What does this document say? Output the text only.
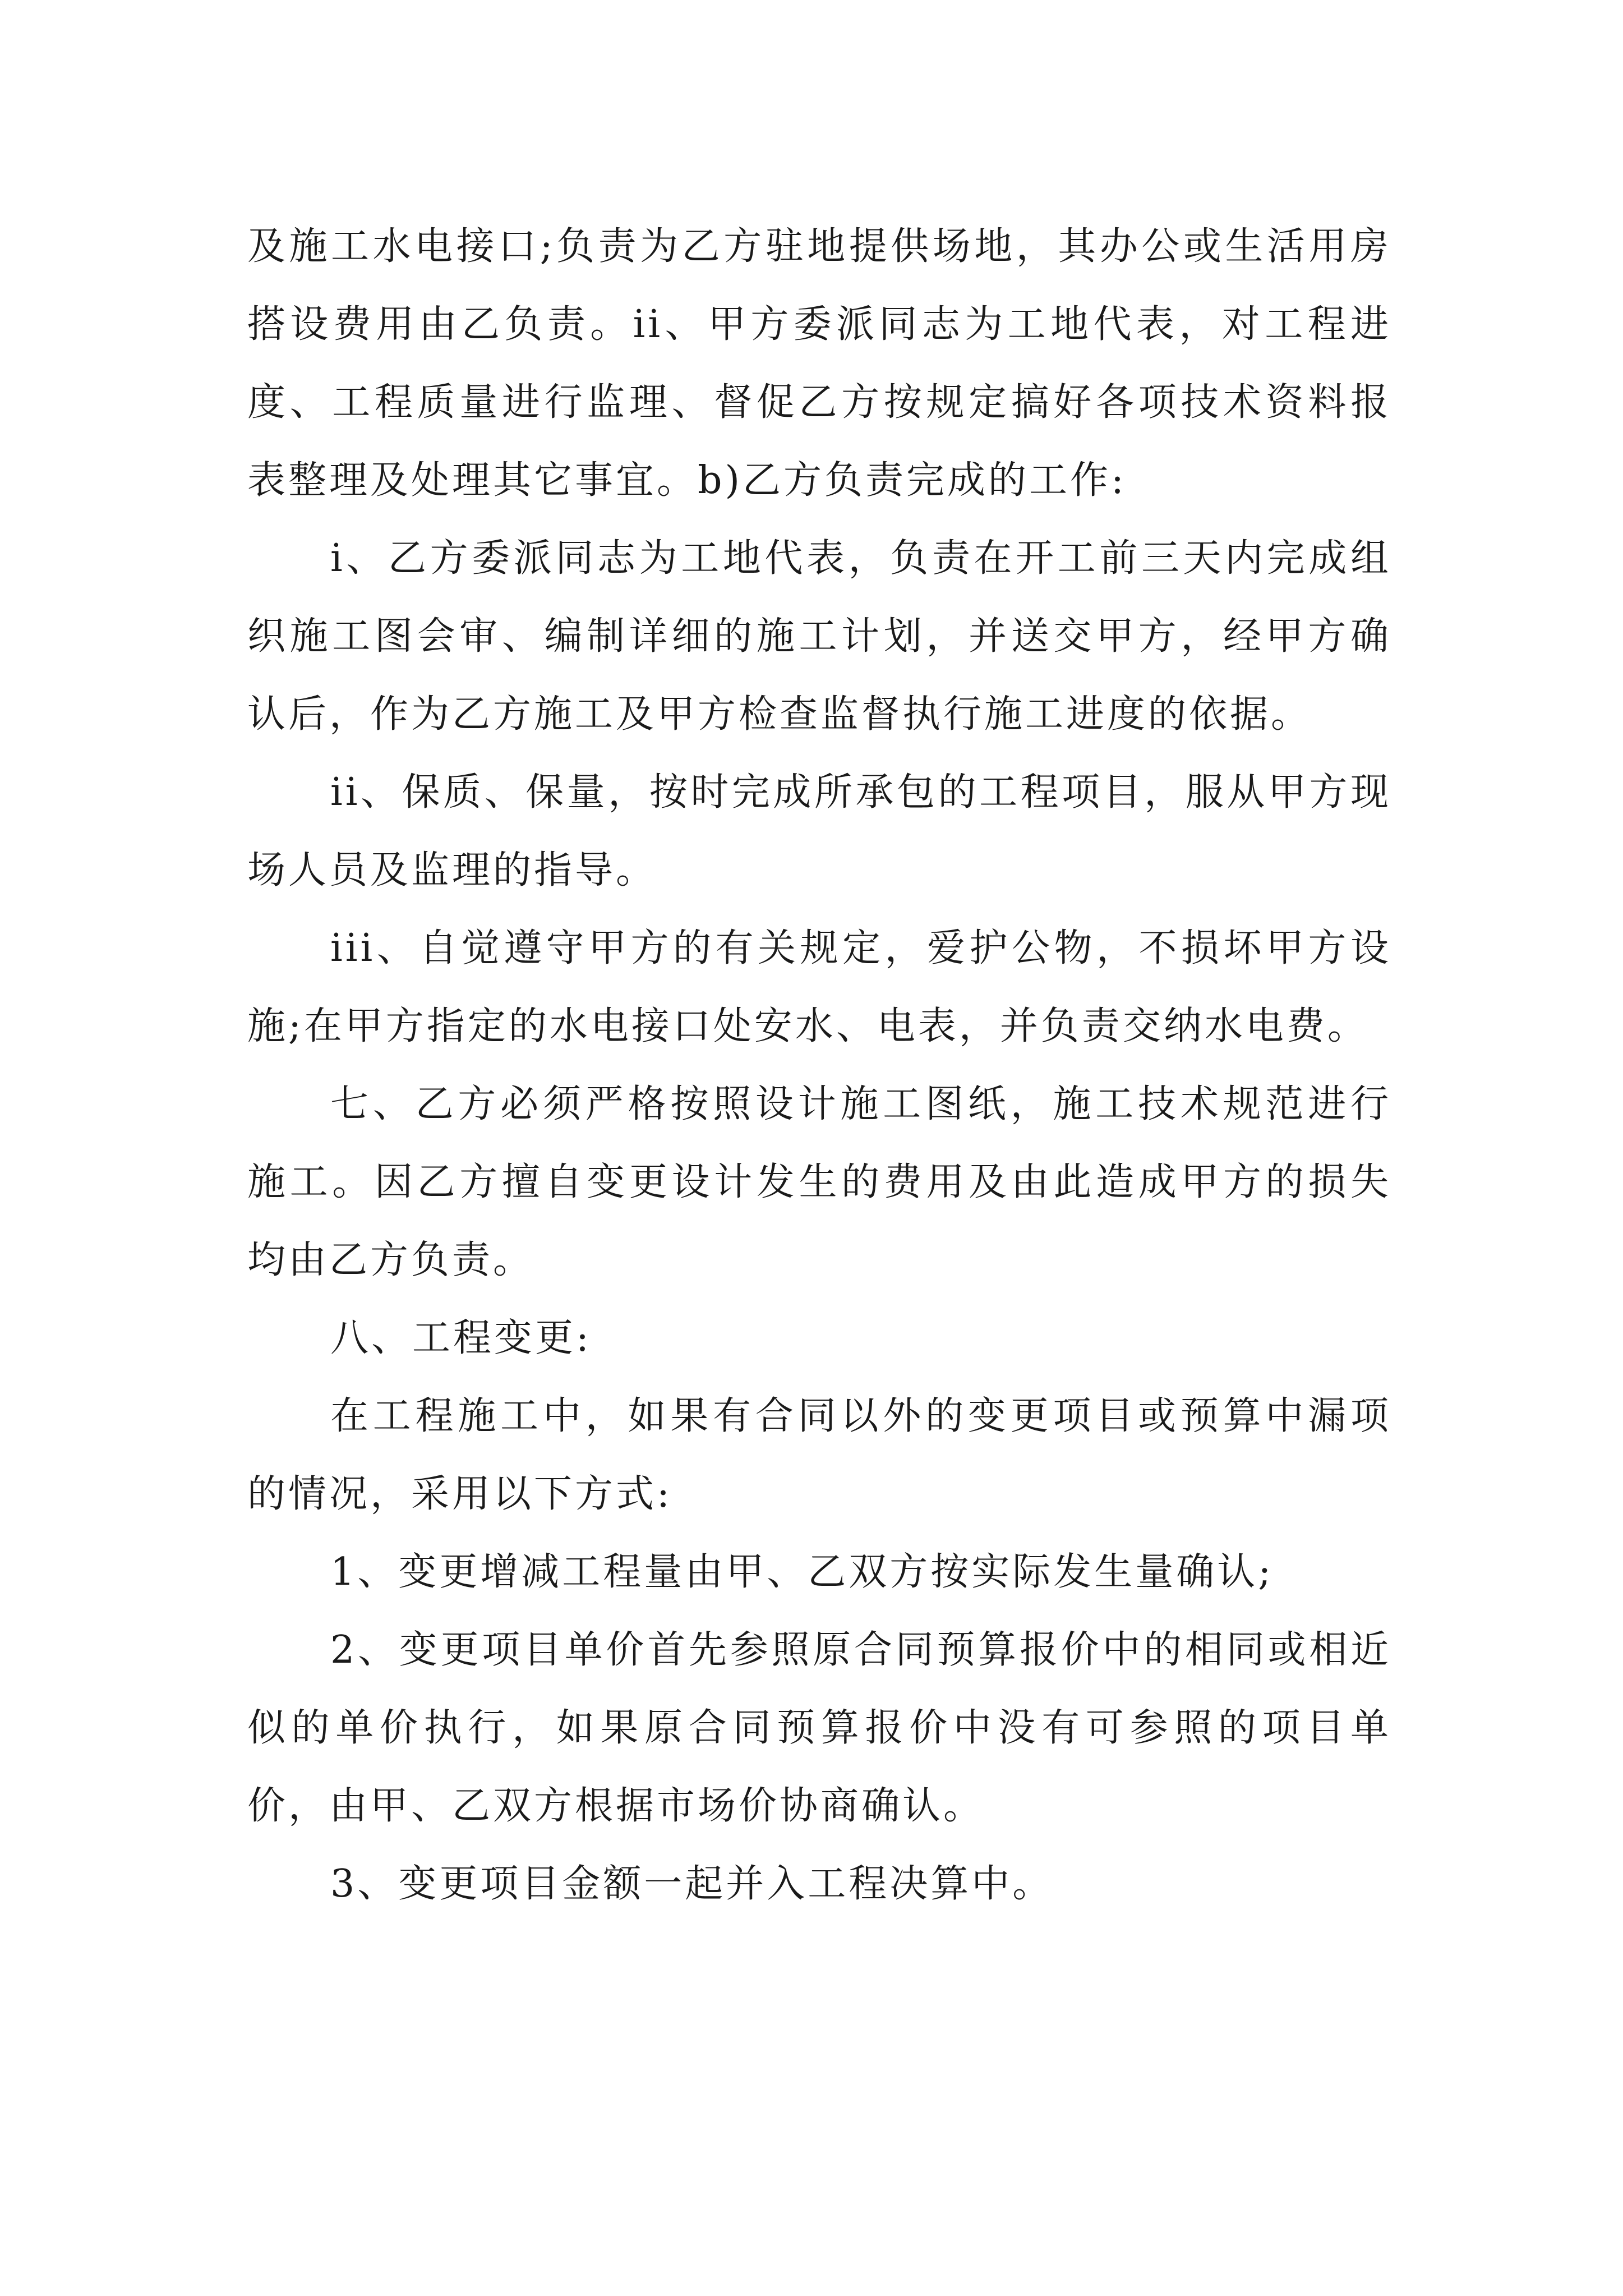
及施工水电接口;负责为乙方驻地提供场地，其办公或生活用房搭设费用由乙负责。ii、甲方委派同志为工地代表，对工程进度、工程质量进行监理、督促乙方按规定搞好各项技术资料报表整理及处理其它事宜。b)乙方负责完成的工作:

i、乙方委派同志为工地代表，负责在开工前三天内完成组织施工图会审、编制详细的施工计划，并送交甲方，经甲方确认后，作为乙方施工及甲方检查监督执行施工进度的依据。

ii、保质、保量，按时完成所承包的工程项目，服从甲方现场人员及监理的指导。

iii、自觉遵守甲方的有关规定，爱护公物，不损坏甲方设施;在甲方指定的水电接口处安水、电表，并负责交纳水电费。

七、乙方必须严格按照设计施工图纸，施工技术规范进行施工。因乙方擅自变更设计发生的费用及由此造成甲方的损失均由乙方负责。

八、工程变更:

在工程施工中，如果有合同以外的变更项目或预算中漏项的情况，采用以下方式:

1、变更增减工程量由甲、乙双方按实际发生量确认;

2、变更项目单价首先参照原合同预算报价中的相同或相近似的单价执行，如果原合同预算报价中没有可参照的项目单价，由甲、乙双方根据市场价协商确认。

3、变更项目金额一起并入工程决算中。
